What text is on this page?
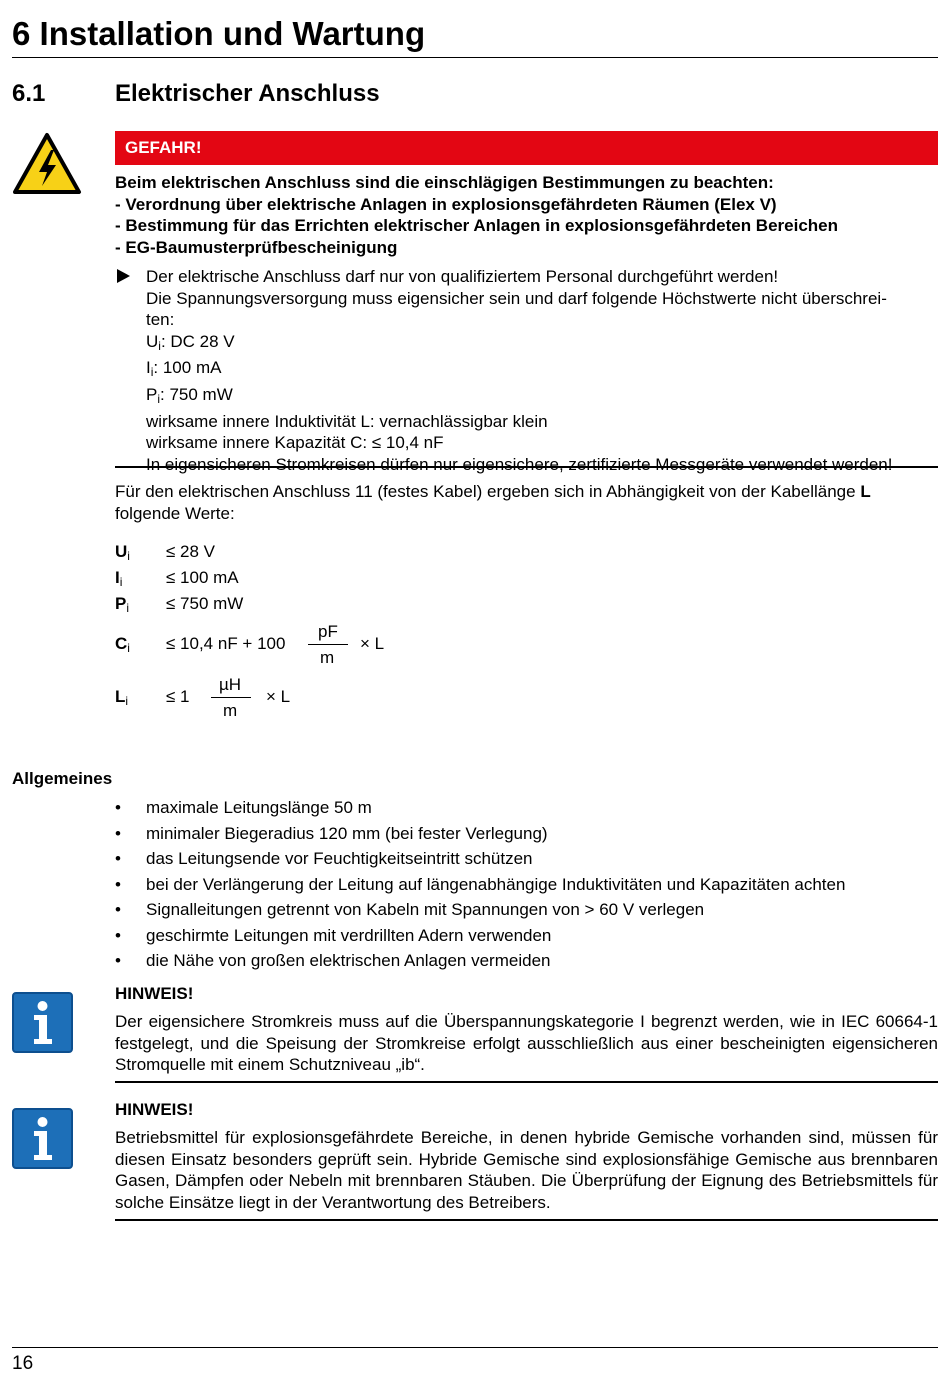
6 Installation und Wartung
6.1	Elektrischer Anschluss
GEFAHR!
Beim elektrischen Anschluss sind die einschlägigen Bestimmungen zu beachten:
- Verordnung über elektrische Anlagen in explosionsgefährdeten Räumen (Elex V)
- Bestimmung für das Errichten elektrischer Anlagen in explosionsgefährdeten Bereichen
- EG-Baumusterprüfbescheinigung
Der elektrische Anschluss darf nur von qualifiziertem Personal durchgeführt werden!
Die Spannungsversorgung muss eigensicher sein und darf folgende Höchstwerte nicht überschrei-
ten:
$U_i$: DC 28 V
$I_i$: 100 mA
$P_i$: 750 mW
wirksame innere Induktivität L: vernachlässigbar klein
wirksame innere Kapazität C: ≤ 10,4 nF
In eigensicheren Stromkreisen dürfen nur eigensichere, zertifizierte Messgeräte verwendet werden!
Für den elektrischen Anschluss 11 (festes Kabel) ergeben sich in Abhängigkeit von der Kabellänge L
folgende Werte:
$U_i \le 28$ V
$I_i$	≤ 100 mA
$P_i \le 750$ mW
$C_i \le 10,4$ nF + 100
pF
m
× L
$L_i \le 1$
µH
m
× L
Allgemeines
• maximale Leitungslänge 50 m
• minimaler Biegeradius 120 mm (bei fester Verlegung)
• das Leitungsende vor Feuchtigkeitseintritt schützen
• bei der Verlängerung der Leitung auf längenabhängige Induktivitäten und Kapazitäten achten
• Signalleitungen getrennt von Kabeln mit Spannungen von > 60 V verlegen
• geschirmte Leitungen mit verdrillten Adern verwenden
• die Nähe von großen elektrischen Anlagen vermeiden
HINWEIS!
Der eigensichere Stromkreis muss auf die Überspannungskategorie I begrenzt werden, wie in IEC 60664-1 festgelegt, und die Speisung der Stromkreise erfolgt ausschließlich aus einer bescheinigten eigensicheren Stromquelle mit einem Schutzniveau „ib“.
HINWEIS!
Betriebsmittel für explosionsgefährdete Bereiche, in denen hybride Gemische vorhanden sind, müssen für diesen Einsatz besonders geprüft sein. Hybride Gemische sind explosionsfähige Gemische aus brennbaren Gasen, Dämpfen oder Nebeln mit brennbaren Stäuben. Die Überprüfung der Eignung des Betriebsmittels für solche Einsätze liegt in der Verantwortung des Betreibers.
16
